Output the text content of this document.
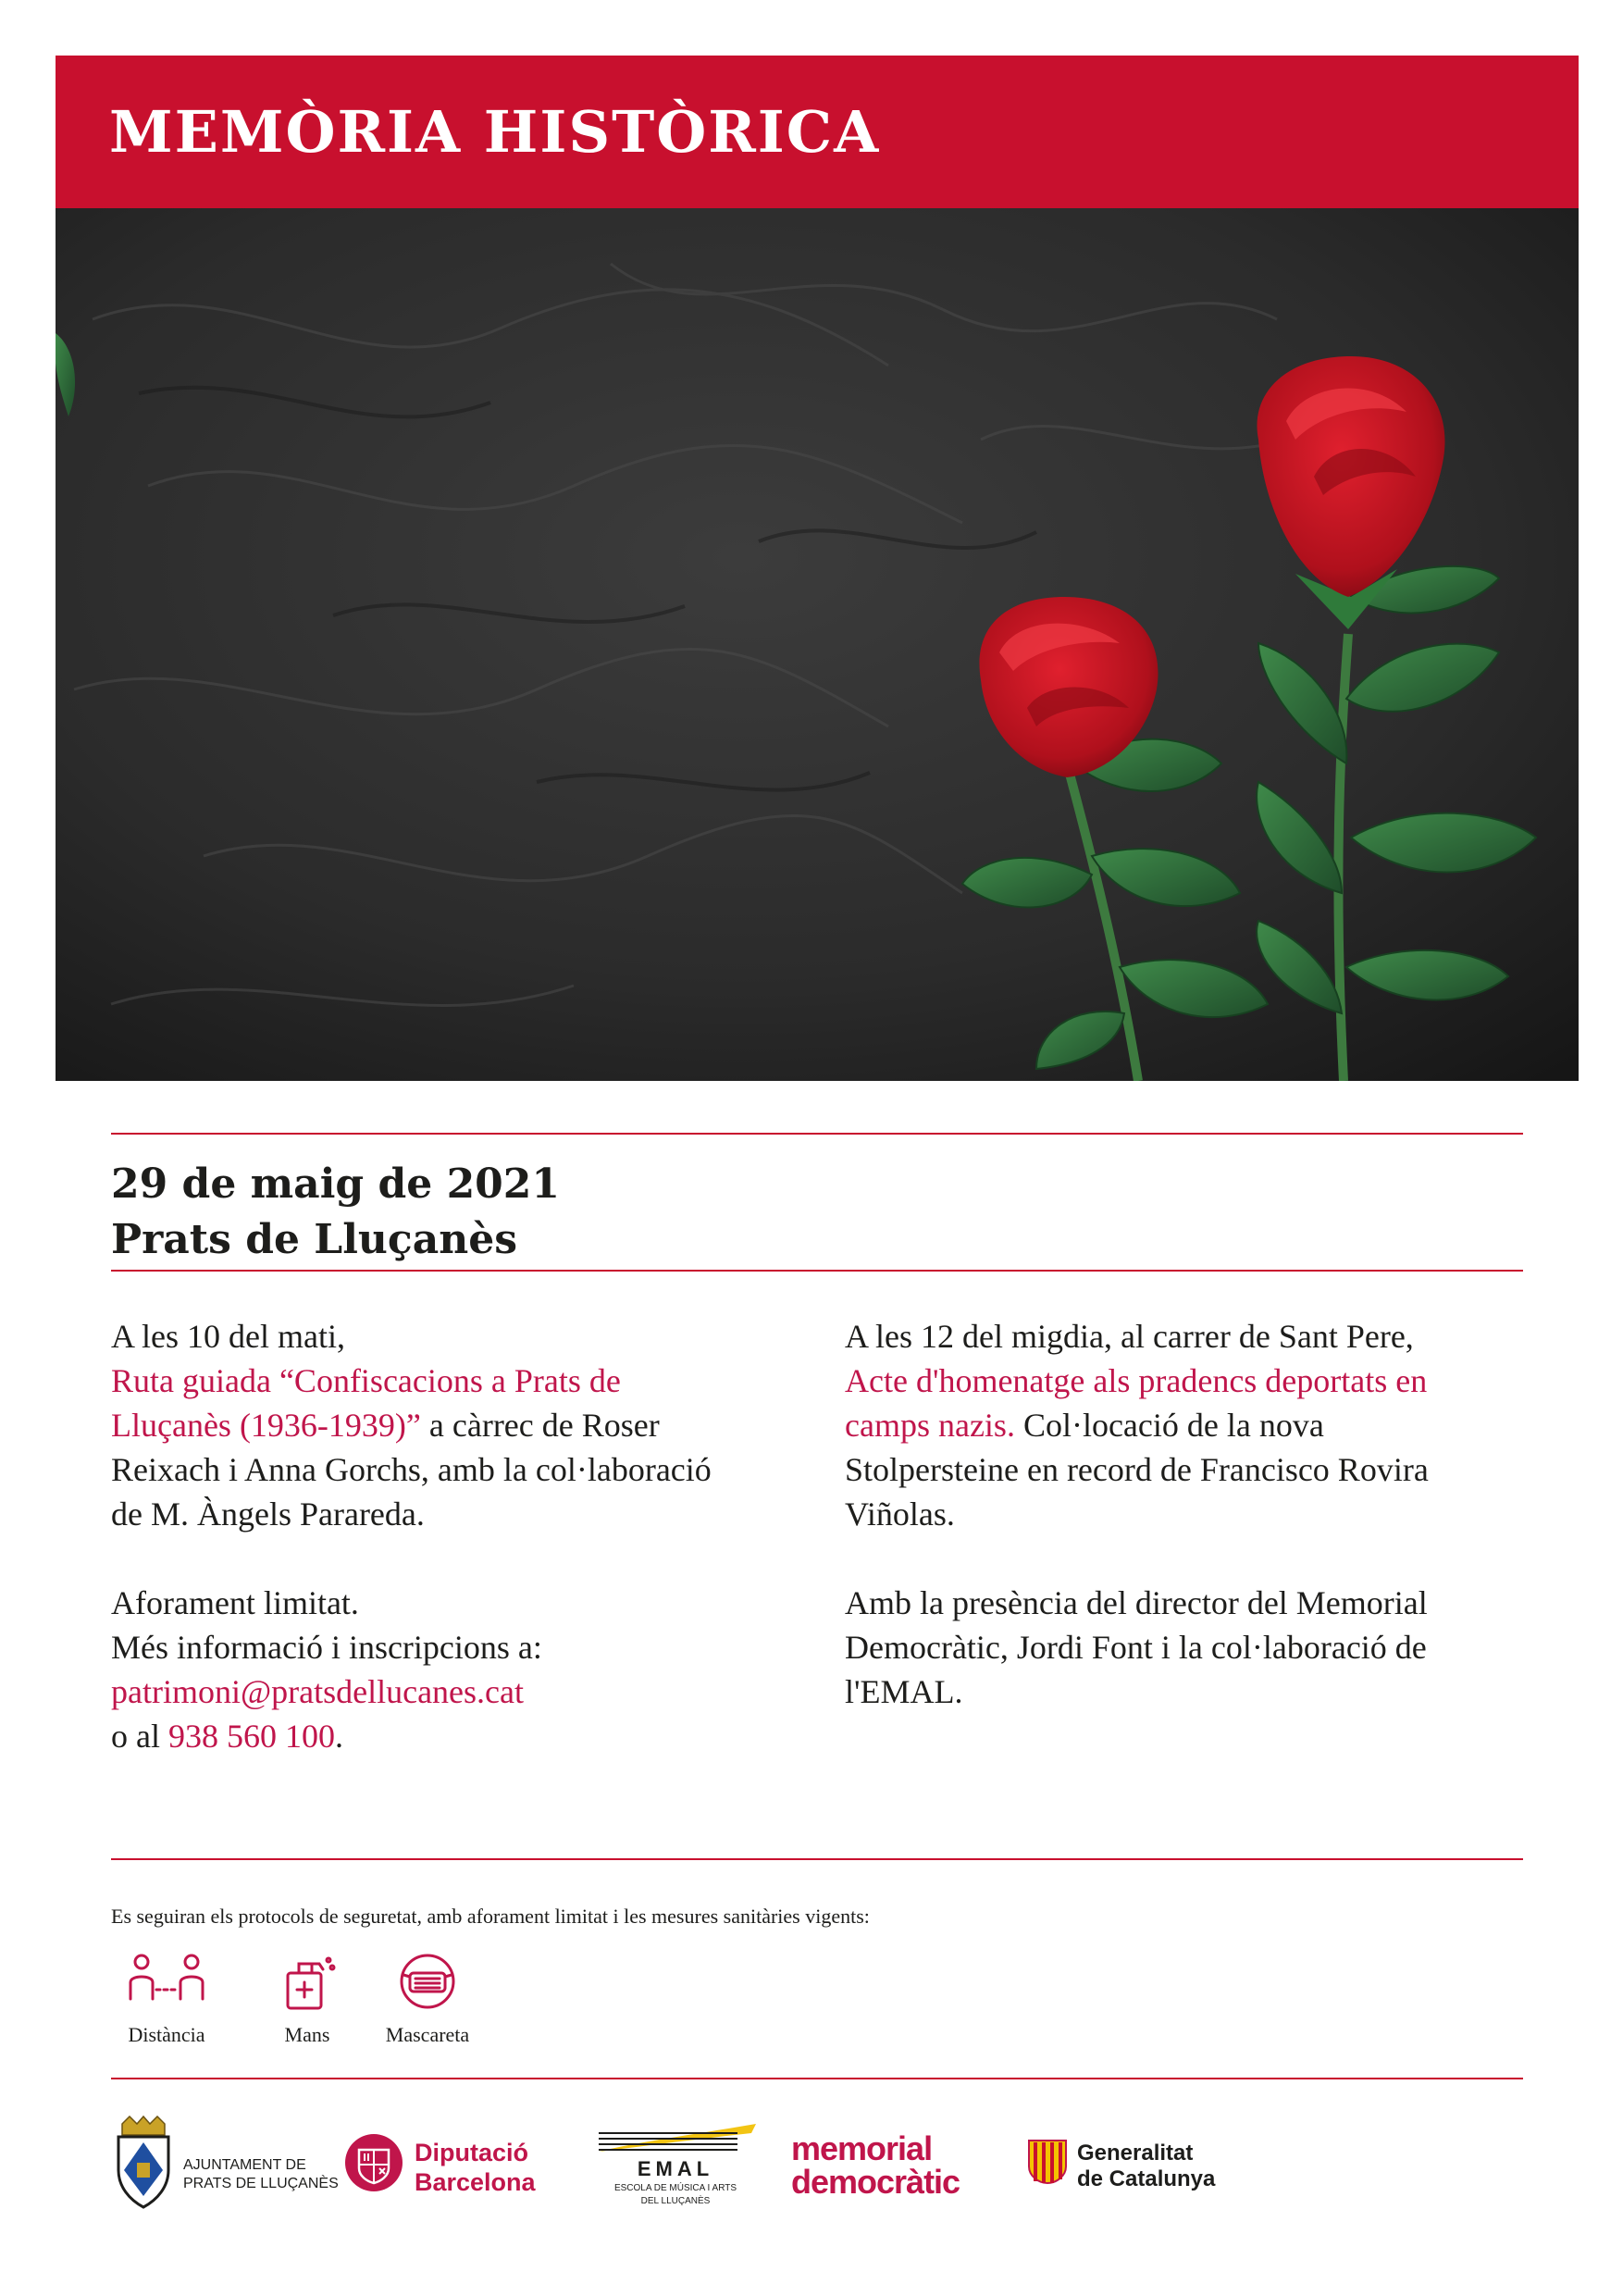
MEMÒRIA HISTÒRICA
29 de maig de 2021
Prats de Lluçanès

A les 10 del mati,
Ruta guiada “Confiscacions a Prats de
Lluçanès (1936-1939)” a càrrec de Roser
Reixach i Anna Gorchs, amb la col·laboració
de M. Àngels Parareda.

Aforament limitat.
Més informació i inscripcions a:
patrimoni@pratsdellucanes.cat
o al 938 560 100.

A les 12 del migdia, al carrer de Sant Pere,
Acte d'homenatge als pradencs deportats en
camps nazis. Col·locació de la nova
Stolpersteine en record de Francisco Rovira
Viñolas.

Amb la presència del director del Memorial
Democràtic, Jordi Font i la col·laboració de
l'EMAL.

Es seguiran els protocols de seguretat, amb aforament limitat i les mesures sanitàries vigents:
Distància	Mans	Mascareta
AJUNTAMENT DE
PRATS DE LLUÇANÈS
Diputació
Barcelona	EMAL
ESCOLA DE MÚSICA I ARTS
DEL LLUÇANÈS
memorial
democràtic
Generalitat
de Catalunya
